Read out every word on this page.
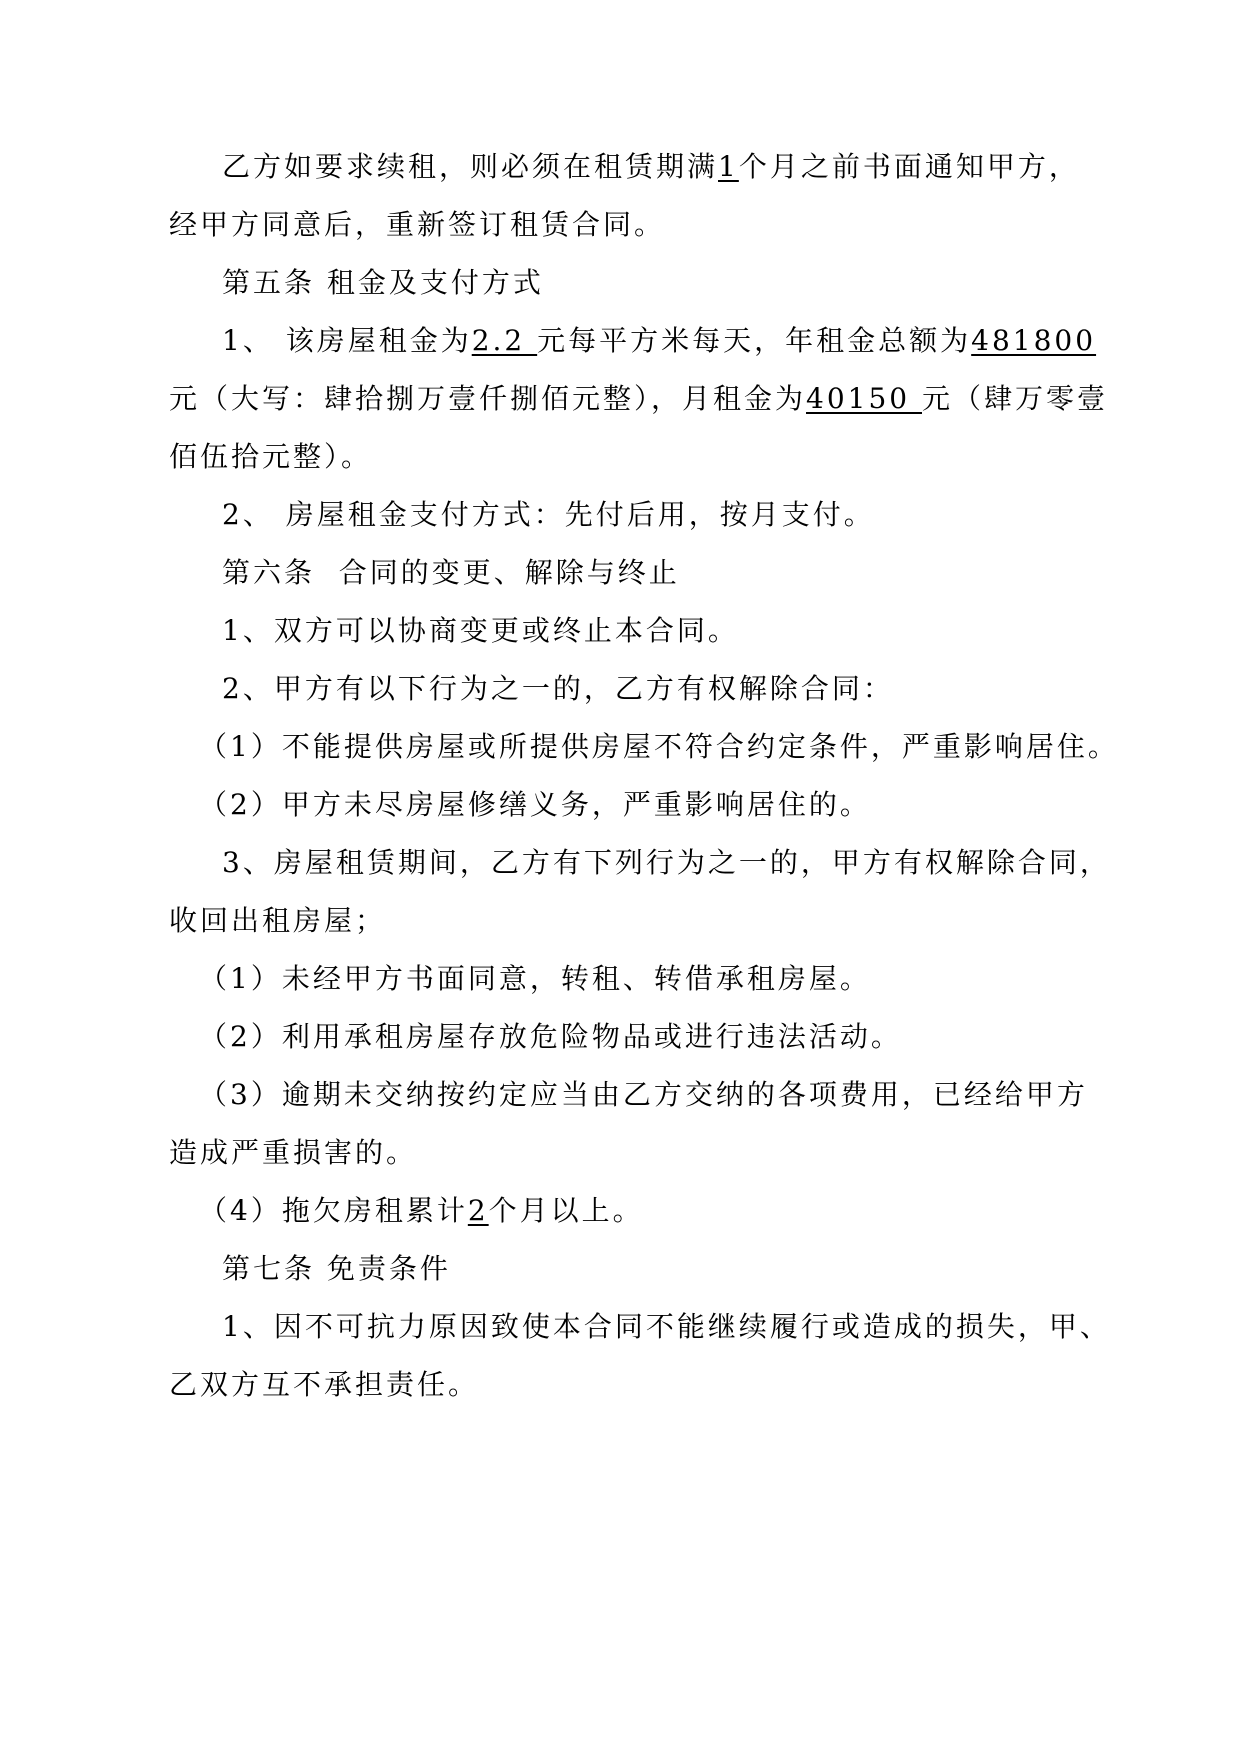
乙方如要求续租，则必须在租赁期满1个月之前书面通知甲方，
经甲方同意后，重新签订租赁合同。
第五条 租金及支付方式
1、 该房屋租金为2.2 元每平方米每天，年租金总额为481800
元（大写：肆拾捌万壹仟捌佰元整），月租金为40150 元（肆万零壹
佰伍拾元整）。
2、 房屋租金支付方式：先付后用，按月支付。
第六条  合同的变更、解除与终止
1、双方可以协商变更或终止本合同。
2、甲方有以下行为之一的，乙方有权解除合同：
（1）不能提供房屋或所提供房屋不符合约定条件，严重影响居住。
（2）甲方未尽房屋修缮义务，严重影响居住的。
3、房屋租赁期间，乙方有下列行为之一的，甲方有权解除合同，
收回出租房屋；
（1）未经甲方书面同意，转租、转借承租房屋。
（2）利用承租房屋存放危险物品或进行违法活动。
（3）逾期未交纳按约定应当由乙方交纳的各项费用，已经给甲方
造成严重损害的。
（4）拖欠房租累计2个月以上。
第七条 免责条件
1、因不可抗力原因致使本合同不能继续履行或造成的损失，甲、
乙双方互不承担责任。
